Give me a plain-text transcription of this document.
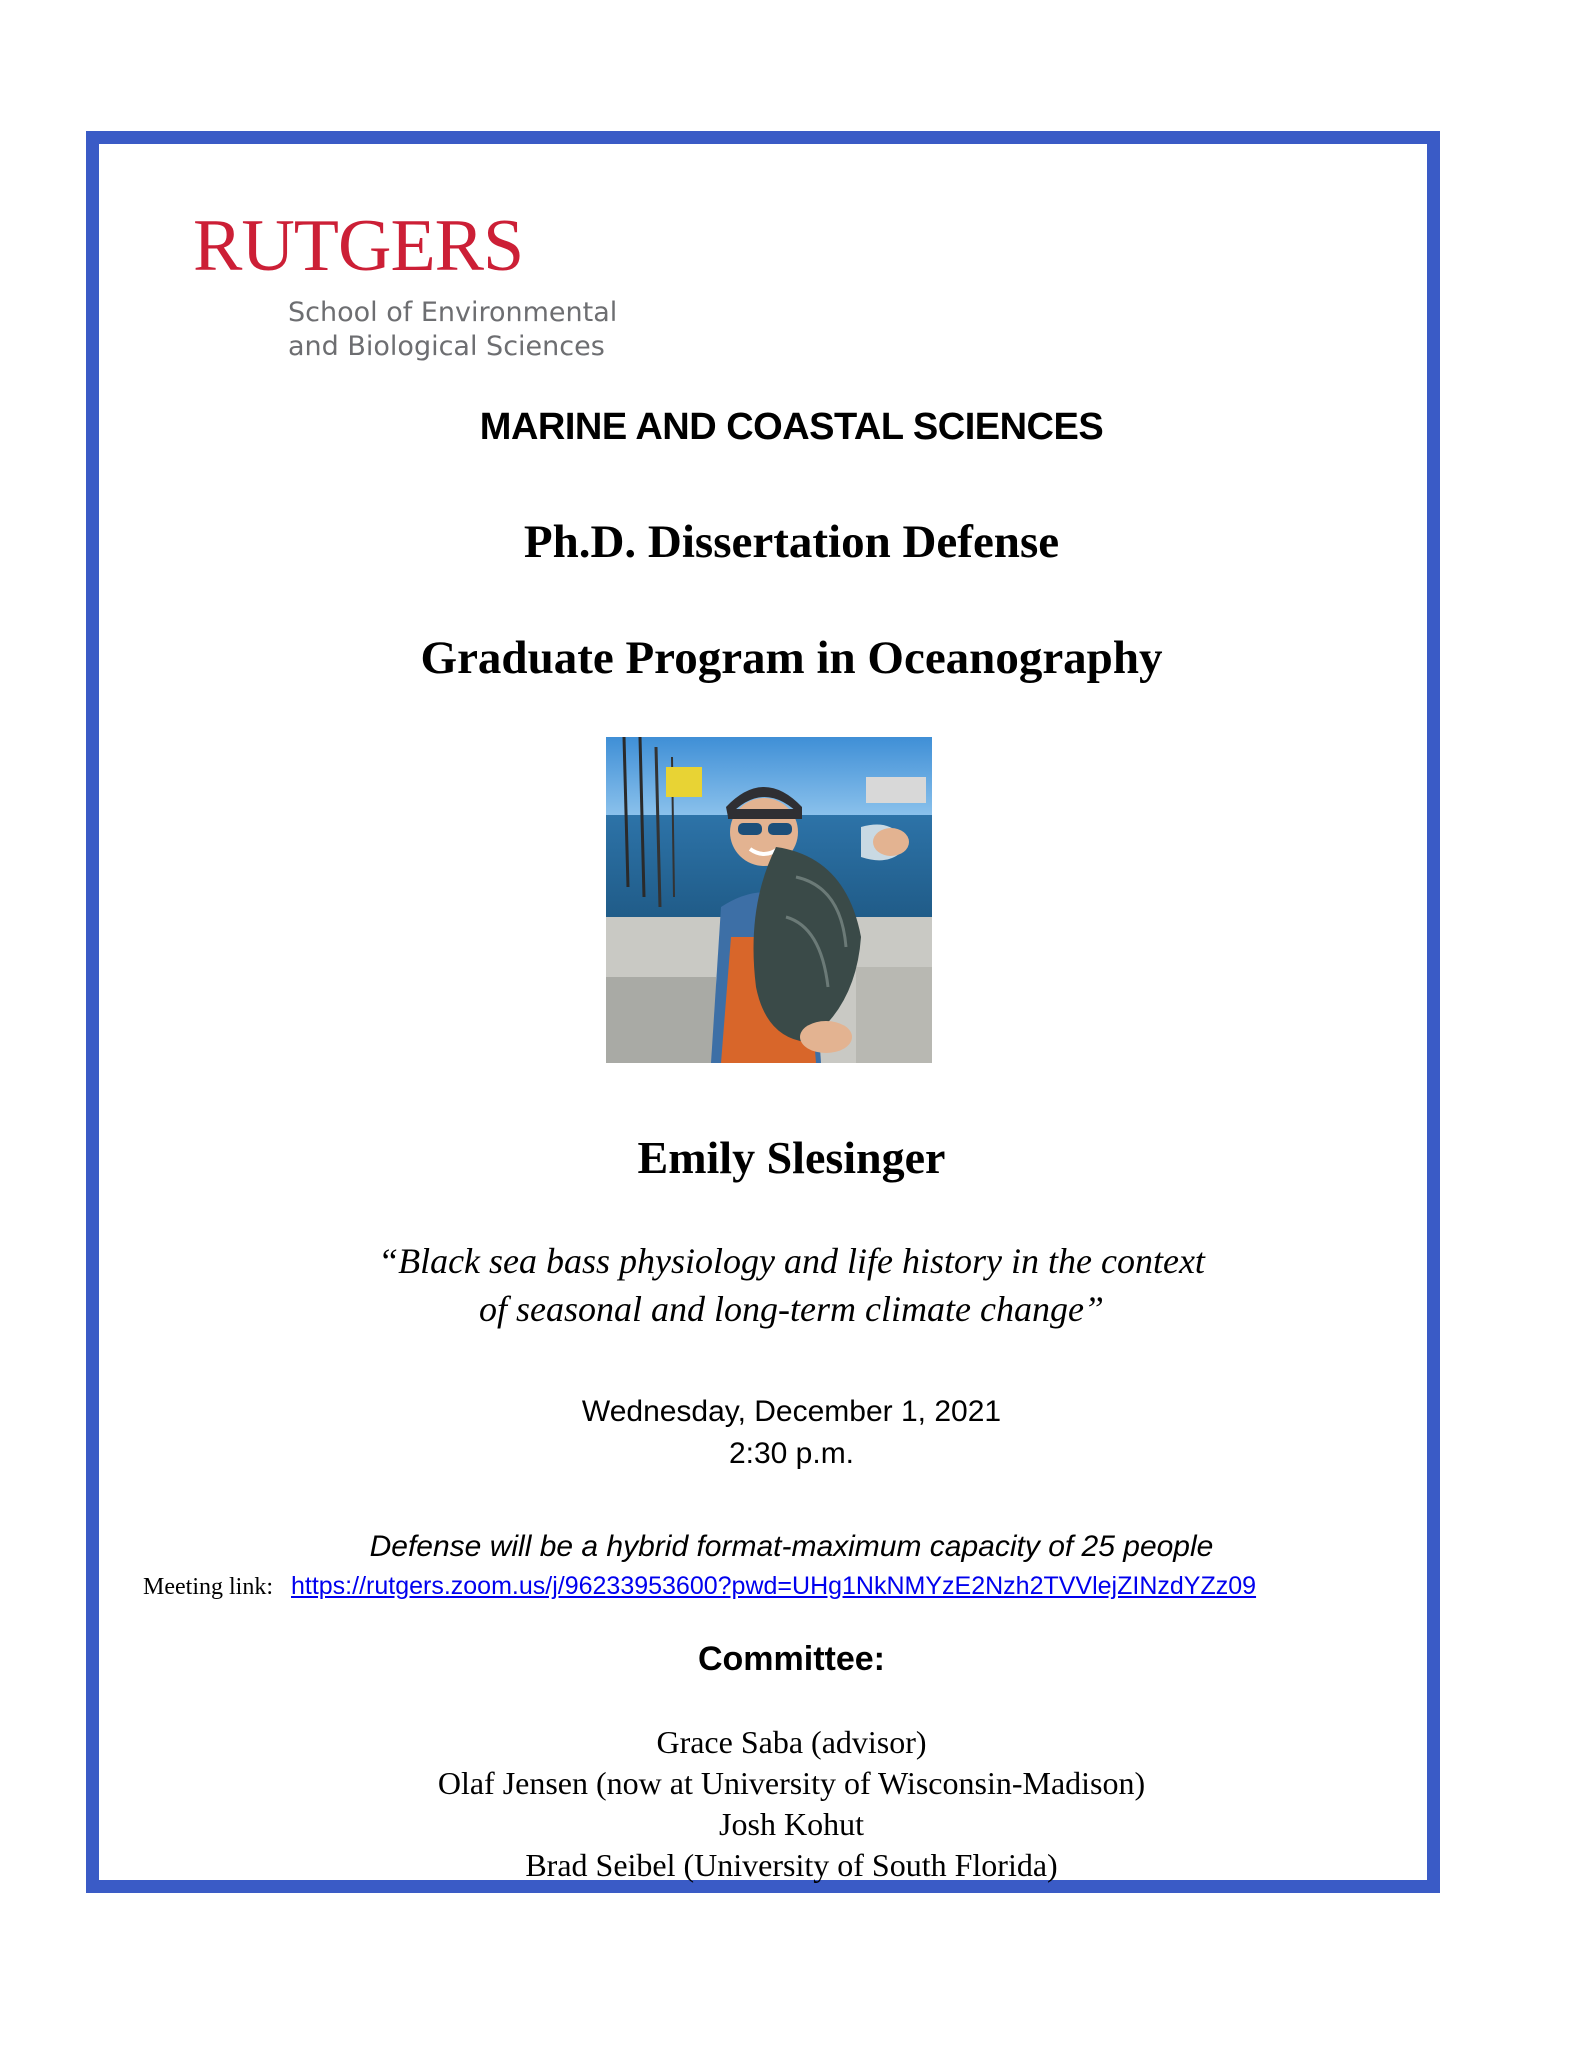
RUTGERS
School of Environmental
and Biological Sciences
MARINE AND COASTAL SCIENCES
Ph.D. Dissertation Defense
Graduate Program in Oceanography
Emily Slesinger
“Black sea bass physiology and life history in the context
of seasonal and long-term climate change”
Wednesday, December 1, 2021
2:30 p.m.
Defense will be a hybrid format-maximum capacity of 25 people
Meeting link: https://rutgers.zoom.us/j/96233953600?pwd=UHg1NkNMYzE2Nzh2TVVlejZINzdYZz09
Committee:
Grace Saba (advisor)
Olaf Jensen (now at University of Wisconsin-Madison)
Josh Kohut
Brad Seibel (University of South Florida)
